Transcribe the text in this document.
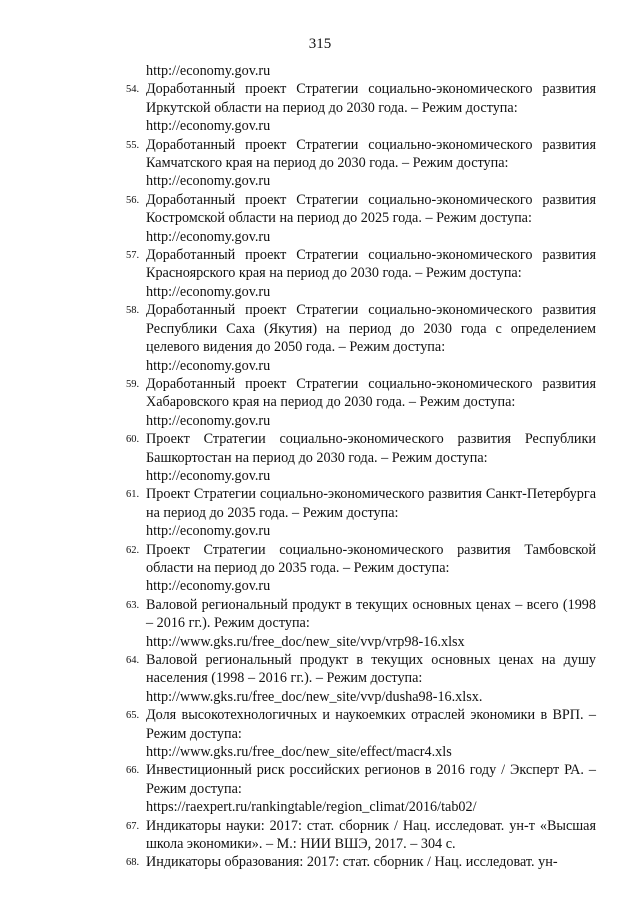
315
http://economy.gov.ru

54. Доработанный проект Стратегии социально-экономического развития Иркутской области на период до 2030 года. – Режим доступа:
http://economy.gov.ru

55. Доработанный проект Стратегии социально-экономического развития Камчатского края на период до 2030 года. – Режим доступа:
http://economy.gov.ru

56. Доработанный проект Стратегии социально-экономического развития Костромской области на период до 2025 года. – Режим доступа:
http://economy.gov.ru

57. Доработанный проект Стратегии социально-экономического развития Красноярского края на период до 2030 года. – Режим доступа:
http://economy.gov.ru

58. Доработанный проект Стратегии социально-экономического развития Республики Саха (Якутия) на период до 2030 года с определением целевого видения до 2050 года. – Режим доступа:
http://economy.gov.ru

59. Доработанный проект Стратегии социально-экономического развития Хабаровского края на период до 2030 года. – Режим доступа:
http://economy.gov.ru

60. Проект Стратегии социально-экономического развития Республики Башкортостан на период до 2030 года. – Режим доступа:
http://economy.gov.ru

61. Проект Стратегии социально-экономического развития Санкт-Петербурга на период до 2035 года. – Режим доступа:
http://economy.gov.ru

62. Проект Стратегии социально-экономического развития Тамбовской области на период до 2035 года. – Режим доступа:
http://economy.gov.ru

63. Валовой региональный продукт в текущих основных ценах – всего (1998 – 2016 гг.). Режим доступа:
http://www.gks.ru/free_doc/new_site/vvp/vrp98-16.xlsx

64. Валовой региональный продукт в текущих основных ценах на душу населения (1998 – 2016 гг.). – Режим доступа:
http://www.gks.ru/free_doc/new_site/vvp/dusha98-16.xlsx.

65. Доля высокотехнологичных и наукоемких отраслей экономики в ВРП. – Режим доступа:
http://www.gks.ru/free_doc/new_site/effect/macr4.xls

66. Инвестиционный риск российских регионов в 2016 году / Эксперт РА. – Режим доступа:
https://raexpert.ru/rankingtable/region_climat/2016/tab02/

67. Индикаторы науки: 2017: стат. сборник / Нац. исследоват. ун-т «Высшая школа экономики». – М.: НИИ ВШЭ, 2017. – 304 с.

68. Индикаторы образования: 2017: стат. сборник / Нац. исследоват. ун-
